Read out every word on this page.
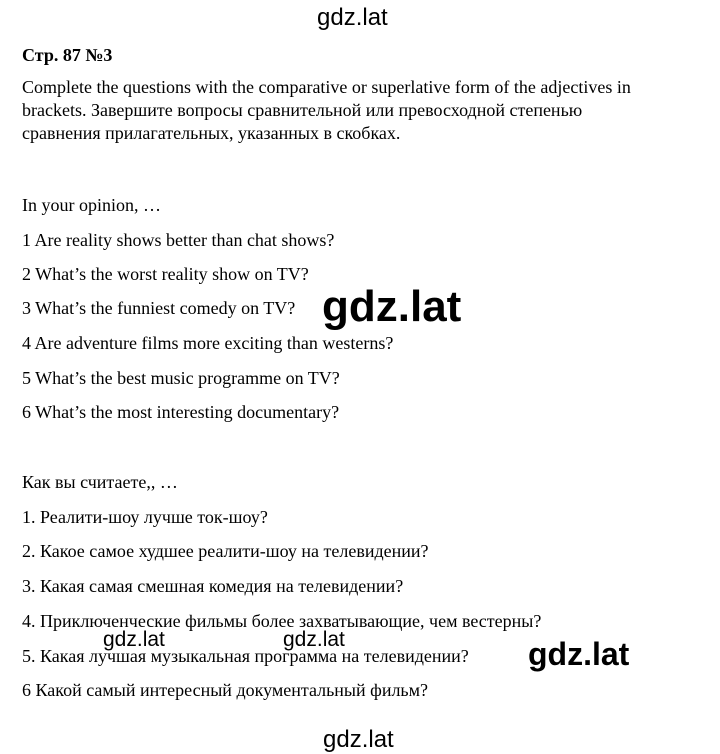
gdz.lat
Стр. 87 №3
Complete the questions with the comparative or superlative form of the adjectives in brackets. Завершите вопросы сравнительной или превосходной степенью сравнения прилагательных, указанных в скобках.
In your opinion, …
1 Are reality shows better than chat shows?
2 What’s the worst reality show on TV?
3 What’s the funniest comedy on TV?
4 Are adventure films more exciting than westerns?
5 What’s the best music programme on TV?
6 What’s the most interesting documentary?
gdz.lat
Как вы считаете,, …
1. Реалити-шоу лучше ток-шоу?
2. Какое самое худшее реалити-шоу на телевидении?
3. Какая самая смешная комедия на телевидении?
4. Приключенческие фильмы более захватывающие, чем вестерны?
5. Какая лучшая музыкальная программа на телевидении?
6 Какой самый интересный документальный фильм?
gdz.lat	gdz.lat	gdz.lat
gdz.lat
